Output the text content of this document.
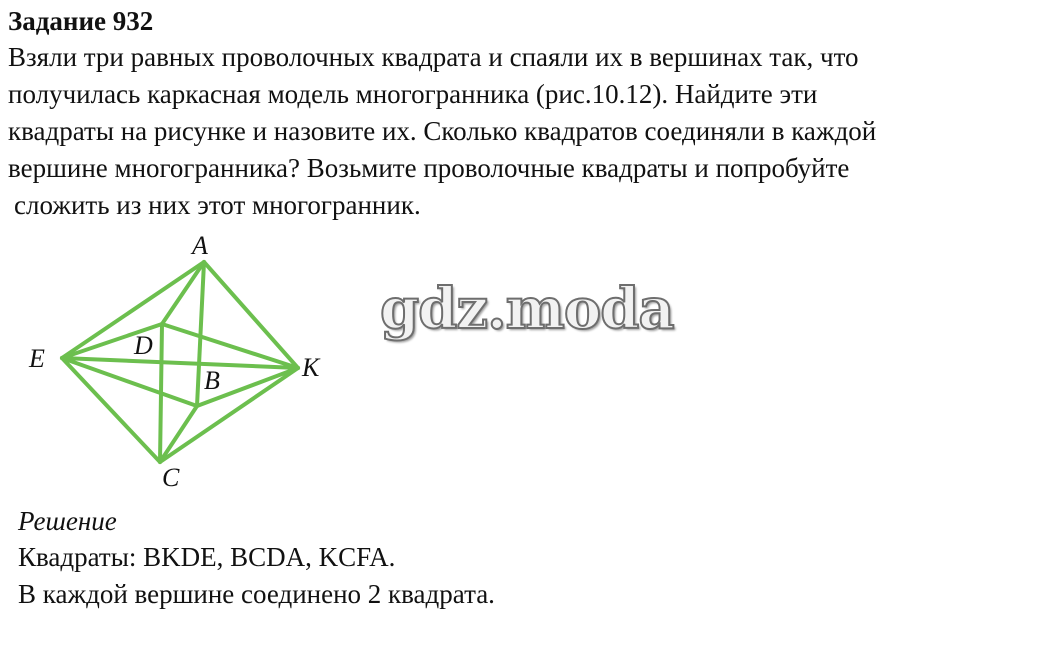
Задание 932
Взяли три равных проволочных квадрата и спаяли их в вершинах так, что
получилась каркасная модель многогранника (рис.10.12). Найдите эти
квадраты на рисунке и назовите их. Сколько квадратов соединяли в каждой
вершине многогранника? Возьмите проволочные квадраты и попробуйте
сложить из них этот многогранник.
A
E	D
B	K
C
gdz.moda
Решение
Квадраты: BKDE, BCDA, KCFA.
В каждой вершине соединено 2 квадрата.
